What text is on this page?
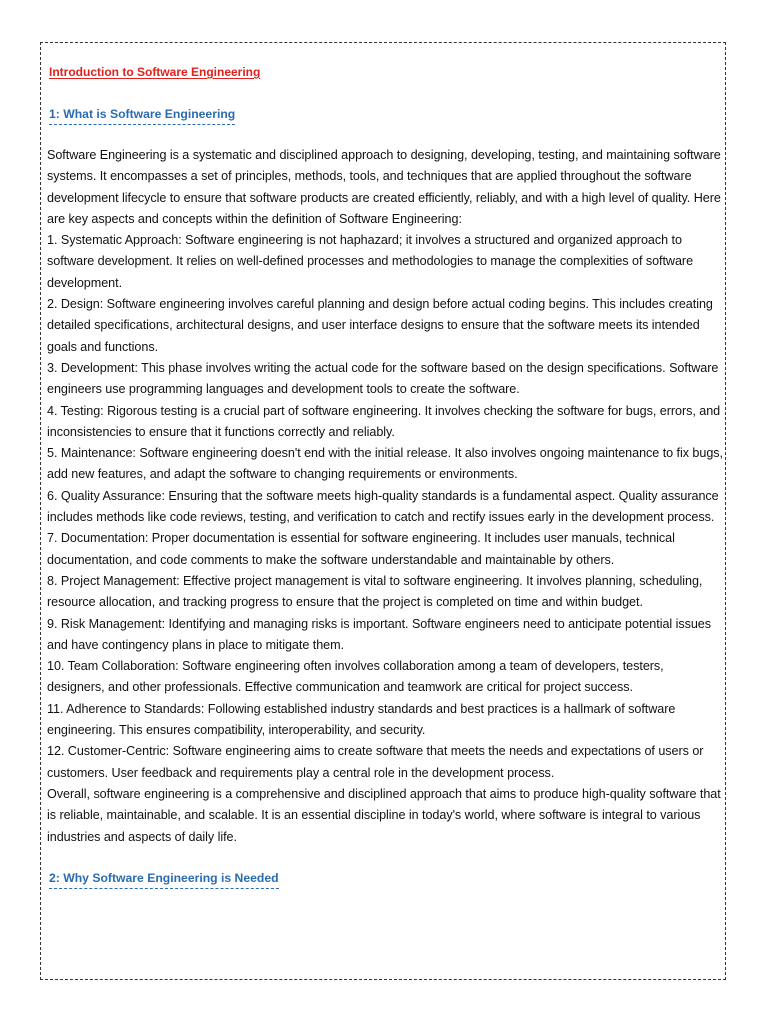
Introduction to Software Engineering
1: What is Software Engineering

Software Engineering is a systematic and disciplined approach to designing, developing, testing, and maintaining software systems. It encompasses a set of principles, methods, tools, and techniques that are applied throughout the software development lifecycle to ensure that software products are created efficiently, reliably, and with a high level of quality. Here are key aspects and concepts within the definition of Software Engineering:

1. Systematic Approach: Software engineering is not haphazard; it involves a structured and organized approach to software development. It relies on well-defined processes and methodologies to manage the complexities of software development.

2. Design: Software engineering involves careful planning and design before actual coding begins. This includes creating detailed specifications, architectural designs, and user interface designs to ensure that the software meets its intended goals and functions.

3. Development: This phase involves writing the actual code for the software based on the design specifications. Software engineers use programming languages and development tools to create the software.

4. Testing: Rigorous testing is a crucial part of software engineering. It involves checking the software for bugs, errors, and inconsistencies to ensure that it functions correctly and reliably.

5. Maintenance: Software engineering doesn't end with the initial release. It also involves ongoing maintenance to fix bugs, add new features, and adapt the software to changing requirements or environments.

6. Quality Assurance: Ensuring that the software meets high-quality standards is a fundamental aspect. Quality assurance includes methods like code reviews, testing, and verification to catch and rectify issues early in the development process.

7. Documentation: Proper documentation is essential for software engineering. It includes user manuals, technical documentation, and code comments to make the software understandable and maintainable by others.

8. Project Management: Effective project management is vital to software engineering. It involves planning, scheduling, resource allocation, and tracking progress to ensure that the project is completed on time and within budget.

9. Risk Management: Identifying and managing risks is important. Software engineers need to anticipate potential issues and have contingency plans in place to mitigate them.

10. Team Collaboration: Software engineering often involves collaboration among a team of developers, testers, designers, and other professionals. Effective communication and teamwork are critical for project success.

11. Adherence to Standards: Following established industry standards and best practices is a hallmark of software engineering. This ensures compatibility, interoperability, and security.

12. Customer-Centric: Software engineering aims to create software that meets the needs and expectations of users or customers. User feedback and requirements play a central role in the development process.

Overall, software engineering is a comprehensive and disciplined approach that aims to produce high-quality software that is reliable, maintainable, and scalable. It is an essential discipline in today's world, where software is integral to various industries and aspects of daily life.

2: Why Software Engineering is Needed
